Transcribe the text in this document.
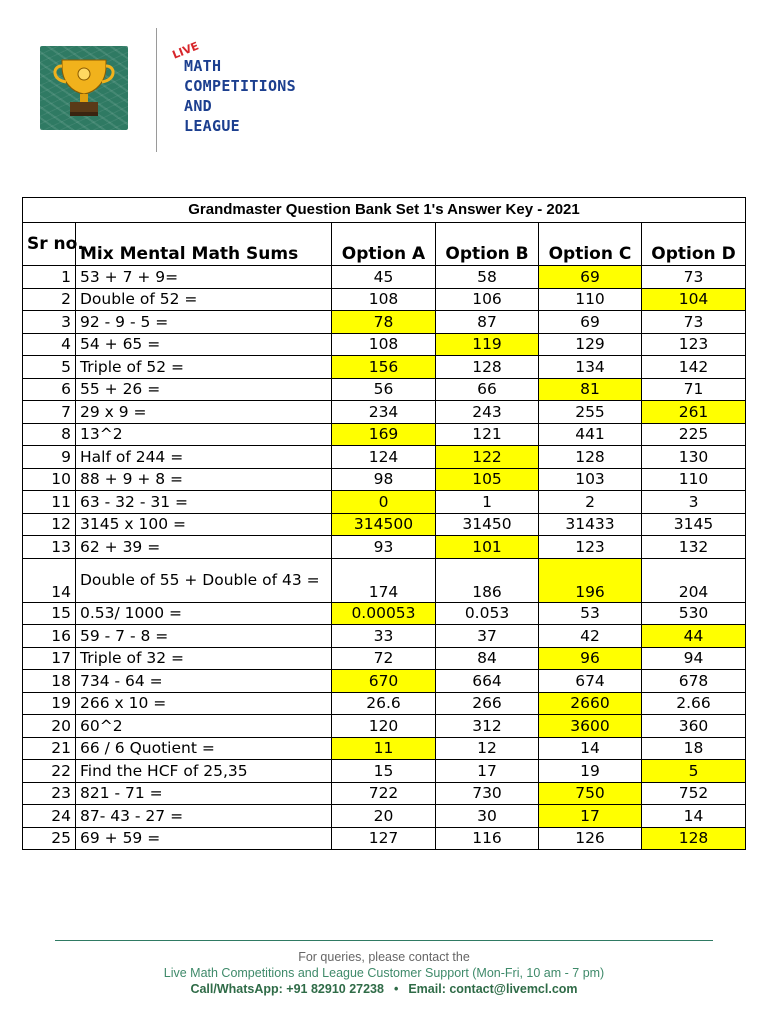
LIVE
MATH
COMPETITIONS
AND
LEAGUE
Grandmaster Question Bank Set 1's Answer Key - 2021					
Sr no.	Mix Mental Math Sums	Option A	Option B	Option C	Option D
1	53 + 7 + 9=	45	58	69	73
2	Double of 52 =	108	106	110	104
3	92 - 9 - 5 =	78	87	69	73
4	54 + 65 =	108	119	129	123
5	Triple of 52 =	156	128	134	142
6	55 + 26 =	56	66	81	71
7	29 x 9 =	234	243	255	261
8	13^2	169	121	441	225
9	Half of 244 =	124	122	128	130
10	88 + 9 + 8 =	98	105	103	110
11	63 - 32 - 31 =	0	1	2	3
12	3145 x 100 =	314500	31450	31433	3145
13	62 + 39 =	93	101	123	132
14	Double of 55 + Double of 43 =	174	186	196	204
15	0.53/ 1000 =	0.00053	0.053	53	530
16	59 - 7 - 8 =	33	37	42	44
17	Triple of 32 =	72	84	96	94
18	734 - 64 =	670	664	674	678
19	266 x 10 =	26.6	266	2660	2.66
20	60^2	120	312	3600	360
21	66 / 6 Quotient =	11	12	14	18
22	Find the HCF of 25,35	15	17	19	5
23	821 - 71 =	722	730	750	752
24	87- 43 - 27 =	20	30	17	14
25	69 + 59 =	127	116	126	128
For queries, please contact the
Live Math Competitions and League Customer Support (Mon-Fri, 10 am - 7 pm)
Call/WhatsApp: +91 82910 27238 • Email: contact@livemcl.com
